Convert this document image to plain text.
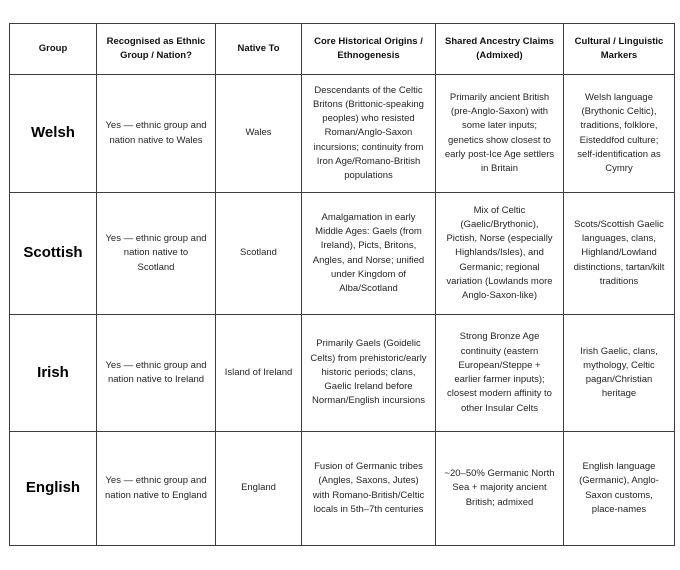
Group	Recognised as Ethnic Group / Nation?	Native To	Core Historical Origins / Ethnogenesis	Shared Ancestry Claims (Admixed)	Cultural / Linguistic Markers
Welsh	Yes — ethnic group and nation native to Wales	Wales	Descendants of the Celtic Britons (Brittonic-speaking peoples) who resisted Roman/Anglo-Saxon incursions; continuity from Iron Age/Romano-British populations	Primarily ancient British (pre-Anglo-Saxon) with some later inputs; genetics show closest to early post-Ice Age settlers in Britain	Welsh language (Brythonic Celtic), traditions, folklore, Eisteddfod culture; self-identification as Cymry
Scottish	Yes — ethnic group and nation native to Scotland	Scotland	Amalgamation in early Middle Ages: Gaels (from Ireland), Picts, Britons, Angles, and Norse; unified under Kingdom of Alba/Scotland	Mix of Celtic (Gaelic/Brythonic), Pictish, Norse (especially Highlands/Isles), and Germanic; regional variation (Lowlands more Anglo-Saxon-like)	Scots/Scottish Gaelic languages, clans, Highland/Lowland distinctions, tartan/kilt traditions
Irish	Yes — ethnic group and nation native to Ireland	Island of Ireland	Primarily Gaels (Goidelic Celts) from prehistoric/early historic periods; clans, Gaelic Ireland before Norman/English incursions	Strong Bronze Age continuity (eastern European/Steppe + earlier farmer inputs); closest modern affinity to other Insular Celts	Irish Gaelic, clans, mythology, Celtic pagan/Christian heritage
English	Yes — ethnic group and nation native to England	England	Fusion of Germanic tribes (Angles, Saxons, Jutes) with Romano-British/Celtic locals in 5th–7th centuries	~20–50% Germanic North Sea + majority ancient British; admixed	English language (Germanic), Anglo-Saxon customs, place-names
